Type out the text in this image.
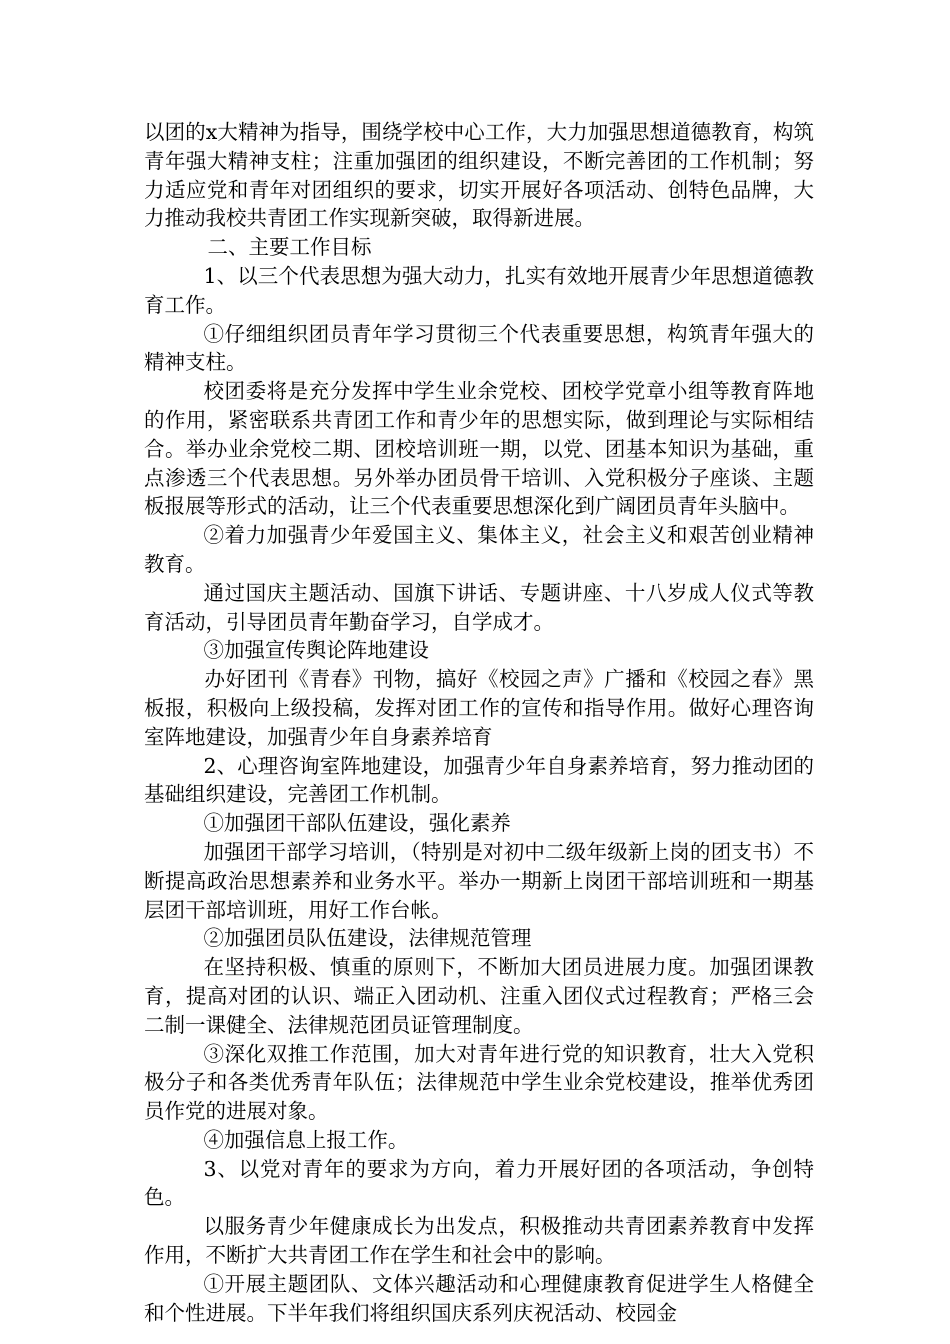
以团的x大精神为指导，围绕学校中心工作，大力加强思想道德教育，构筑青年强大精神支柱；注重加强团的组织建设，不断完善团的工作机制；努力适应党和青年对团组织的要求，切实开展好各项活动、创特色品牌，大力推动我校共青团工作实现新突破，取得新进展。

二、主要工作目标

1、以三个代表思想为强大动力，扎实有效地开展青少年思想道德教育工作。

①仔细组织团员青年学习贯彻三个代表重要思想，构筑青年强大的精神支柱。

校团委将是充分发挥中学生业余党校、团校学党章小组等教育阵地的作用，紧密联系共青团工作和青少年的思想实际，做到理论与实际相结合。举办业余党校二期、团校培训班一期，以党、团基本知识为基础，重点渗透三个代表思想。另外举办团员骨干培训、入党积极分子座谈、主题板报展等形式的活动，让三个代表重要思想深化到广阔团员青年头脑中。

②着力加强青少年爱国主义、集体主义，社会主义和艰苦创业精神教育。

通过国庆主题活动、国旗下讲话、专题讲座、十八岁成人仪式等教育活动，引导团员青年勤奋学习，自学成才。

③加强宣传舆论阵地建设

办好团刊《青春》刊物，搞好《校园之声》广播和《校园之春》黑板报，积极向上级投稿，发挥对团工作的宣传和指导作用。做好心理咨询室阵地建设，加强青少年自身素养培育

2、心理咨询室阵地建设，加强青少年自身素养培育，努力推动团的基础组织建设，完善团工作机制。

①加强团干部队伍建设，强化素养

加强团干部学习培训，（特别是对初中二级年级新上岗的团支书）不断提高政治思想素养和业务水平。举办一期新上岗团干部培训班和一期基层团干部培训班，用好工作台帐。

②加强团员队伍建设，法律规范管理

在坚持积极、慎重的原则下，不断加大团员进展力度。加强团课教育，提高对团的认识、端正入团动机、注重入团仪式过程教育；严格三会二制一课健全、法律规范团员证管理制度。

③深化双推工作范围，加大对青年进行党的知识教育，壮大入党积极分子和各类优秀青年队伍；法律规范中学生业余党校建设，推举优秀团员作党的进展对象。

④加强信息上报工作。

3、以党对青年的要求为方向，着力开展好团的各项活动，争创特色。

以服务青少年健康成长为出发点，积极推动共青团素养教育中发挥作用，不断扩大共青团工作在学生和社会中的影响。

①开展主题团队、文体兴趣活动和心理健康教育促进学生人格健全和个性进展。下半年我们将组织国庆系列庆祝活动、校园金
